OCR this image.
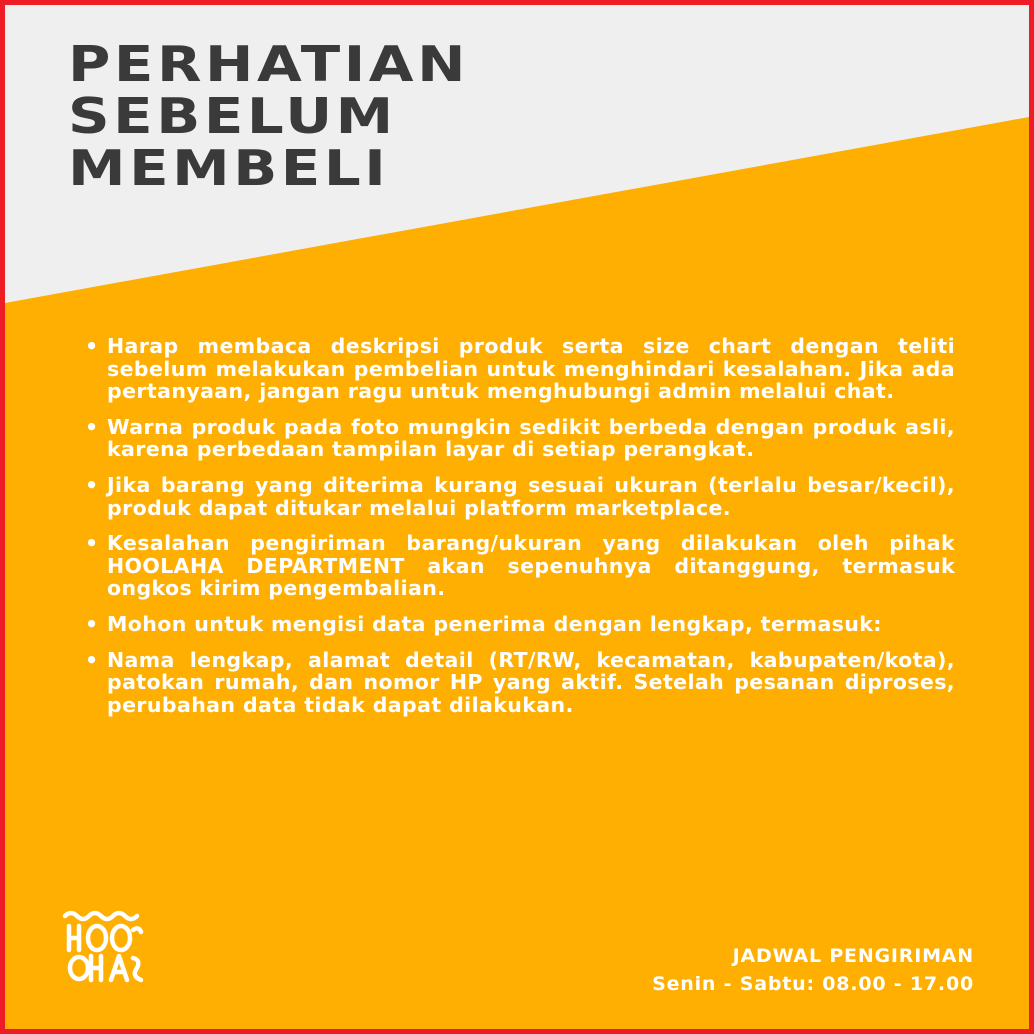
PERHATIAN
SEBELUM
MEMBELI
• Harap membaca deskripsi produk serta size chart dengan teliti sebelum melakukan pembelian untuk menghindari kesalahan. Jika ada pertanyaan, jangan ragu untuk menghubungi admin melalui chat.
• Warna produk pada foto mungkin sedikit berbeda dengan produk asli, karena perbedaan tampilan layar di setiap perangkat.
• Jika barang yang diterima kurang sesuai ukuran (terlalu besar/kecil), produk dapat ditukar melalui platform marketplace.
• Kesalahan pengiriman barang/ukuran yang dilakukan oleh pihak HOOLAHA DEPARTMENT akan sepenuhnya ditanggung, termasuk ongkos kirim pengembalian.
• Mohon untuk mengisi data penerima dengan lengkap, termasuk:
• Nama lengkap, alamat detail (RT/RW, kecamatan, kabupaten/kota), patokan rumah, dan nomor HP yang aktif. Setelah pesanan diproses, perubahan data tidak dapat dilakukan.
JADWAL PENGIRIMAN
Senin - Sabtu: 08.00 - 17.00
